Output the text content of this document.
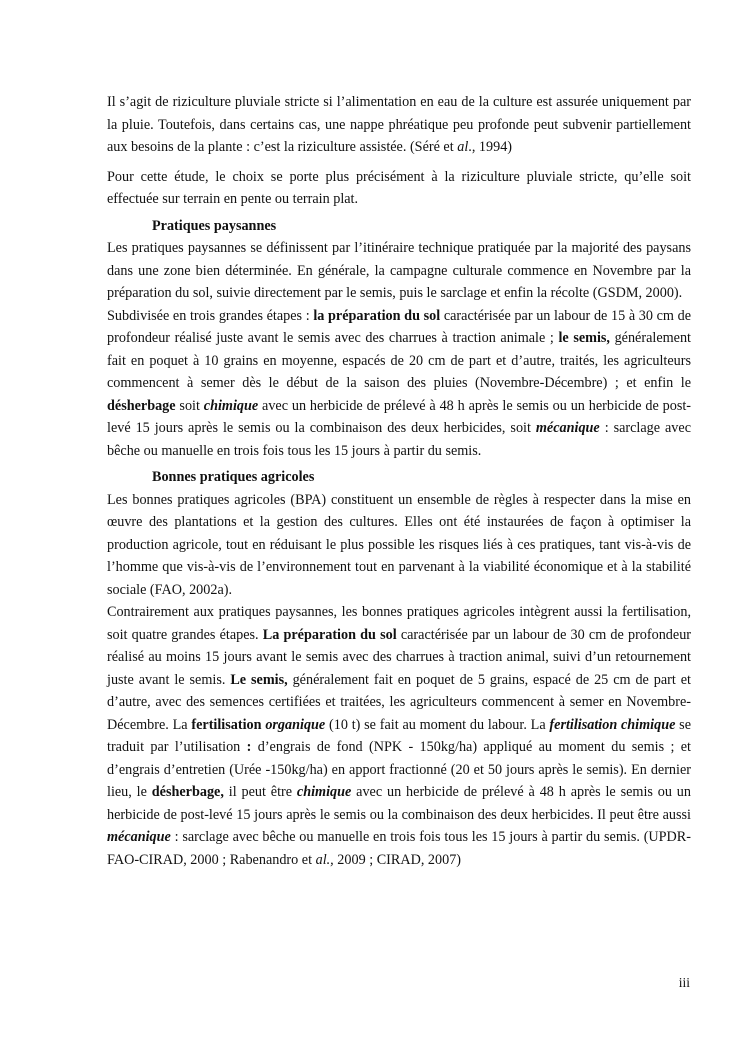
Il s’agit de riziculture pluviale stricte si l’alimentation en eau de la culture est assurée uniquement par la pluie. Toutefois, dans certains cas, une nappe phréatique peu profonde peut subvenir partiellement aux besoins de la plante : c’est la riziculture assistée. (Séré et al., 1994)

Pour cette étude, le choix se porte plus précisément à la riziculture pluviale stricte, qu’elle soit effectuée sur terrain en pente ou terrain plat.

Pratiques paysannes

Les pratiques paysannes se définissent par l’itinéraire technique pratiquée par la majorité des paysans dans une zone bien déterminée. En générale, la campagne culturale commence en Novembre par la préparation du sol, suivie directement par le semis, puis le sarclage et enfin la récolte (GSDM, 2000).

Subdivisée en trois grandes étapes : la préparation du sol caractérisée par un labour de 15 à 30 cm de profondeur réalisé juste avant le semis avec des charrues à traction animale ; le semis, généralement fait en poquet à 10 grains en moyenne, espacés de 20 cm de part et d’autre, traités, les agriculteurs commencent à semer dès le début de la saison des pluies (Novembre-Décembre) ; et enfin le désherbage soit chimique avec un herbicide de prélevé à 48 h après le semis ou un herbicide de post-levé 15 jours après le semis ou la combinaison des deux herbicides, soit mécanique : sarclage avec bêche ou manuelle en trois fois tous les 15 jours à partir du semis.

Bonnes pratiques agricoles

Les bonnes pratiques agricoles (BPA) constituent un ensemble de règles à respecter dans la mise en œuvre des plantations et la gestion des cultures. Elles ont été instaurées de façon à optimiser la production agricole, tout en réduisant le plus possible les risques liés à ces pratiques, tant vis-à-vis de l’homme que vis-à-vis de l’environnement tout en parvenant à la viabilité économique et à la stabilité sociale (FAO, 2002a).

Contrairement aux pratiques paysannes, les bonnes pratiques agricoles intègrent aussi la fertilisation, soit quatre grandes étapes. La préparation du sol caractérisée par un labour de 30 cm de profondeur réalisé au moins 15 jours avant le semis avec des charrues à traction animal, suivi d’un retournement juste avant le semis. Le semis, généralement fait en poquet de 5 grains, espacé de 25 cm de part et d’autre, avec des semences certifiées et traitées, les agriculteurs commencent à semer en Novembre-Décembre. La fertilisation organique (10 t) se fait au moment du labour. La fertilisation chimique se traduit par l’utilisation : d’engrais de fond (NPK - 150kg/ha) appliqué au moment du semis ; et d’engrais d’entretien (Urée -150kg/ha) en apport fractionné (20 et 50 jours après le semis). En dernier lieu, le désherbage, il peut être chimique avec un herbicide de prélevé à 48 h après le semis ou un herbicide de post-levé 15 jours après le semis ou la combinaison des deux herbicides. Il peut être aussi mécanique : sarclage avec bêche ou manuelle en trois fois tous les 15 jours à partir du semis. (UPDR-FAO-CIRAD, 2000 ; Rabenandro et al., 2009 ; CIRAD, 2007)

iii
